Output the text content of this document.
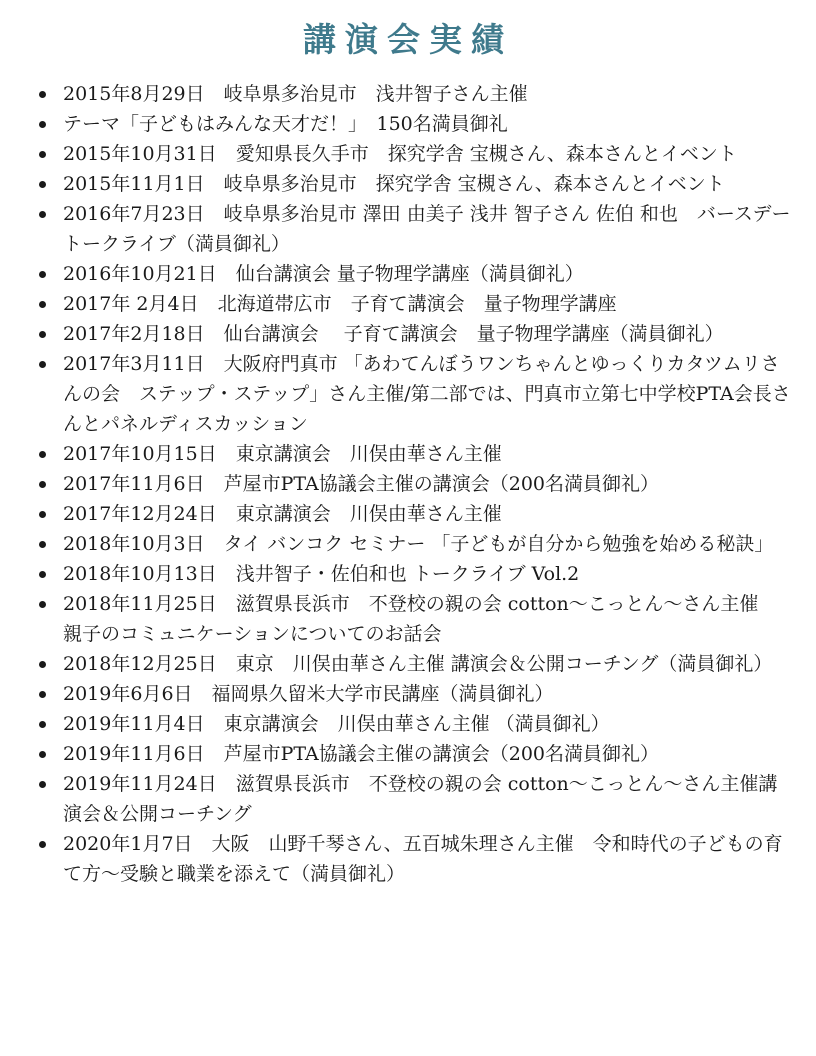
講演会実績
2015年8月29日　岐阜県多治見市　浅井智子さん主催
テーマ「子どもはみんな天才だ！」　150名満員御礼
2015年10月31日　愛知県長久手市　探究学舎 宝槻さん、森本さんとイベント
2015年11月1日　岐阜県多治見市　探究学舎 宝槻さん、森本さんとイベント
2016年7月23日　岐阜県多治見市 澤田 由美子 浅井 智子さん 佐伯 和也　バースデートークライブ（満員御礼）
2016年10月21日　仙台講演会 量子物理学講座（満員御礼）
2017年 2月4日　北海道帯広市　子育て講演会　量子物理学講座
2017年2月18日　仙台講演会　 子育て講演会　量子物理学講座（満員御礼）
2017年3月11日　大阪府門真市 「あわてんぼうワンちゃんとゆっくりカタツムリさんの会　ステップ・ステップ」さん主催/第二部では、門真市立第七中学校PTA会長さんとパネルディスカッション
2017年10月15日　東京講演会　川俣由華さん主催
2017年11月6日　芦屋市PTA協議会主催の講演会（200名満員御礼）
2017年12月24日　東京講演会　川俣由華さん主催
2018年10月3日　タイ バンコク セミナー 「子どもが自分から勉強を始める秘訣」
2018年10月13日　浅井智子・佐伯和也 トークライブ Vol.2
2018年11月25日　滋賀県長浜市　不登校の親の会 cotton～こっとん～さん主催　親子のコミュニケーションについてのお話会
2018年12月25日　東京　川俣由華さん主催 講演会＆公開コーチング（満員御礼）
2019年6月6日　福岡県久留米大学市民講座（満員御礼）
2019年11月4日　東京講演会　川俣由華さん主催 （満員御礼）
2019年11月6日　芦屋市PTA協議会主催の講演会（200名満員御礼）
2019年11月24日　滋賀県長浜市　不登校の親の会 cotton～こっとん～さん主催講演会＆公開コーチング
2020年1月7日　大阪　山野千琴さん、五百城朱理さん主催　令和時代の子どもの育て方～受験と職業を添えて（満員御礼）
